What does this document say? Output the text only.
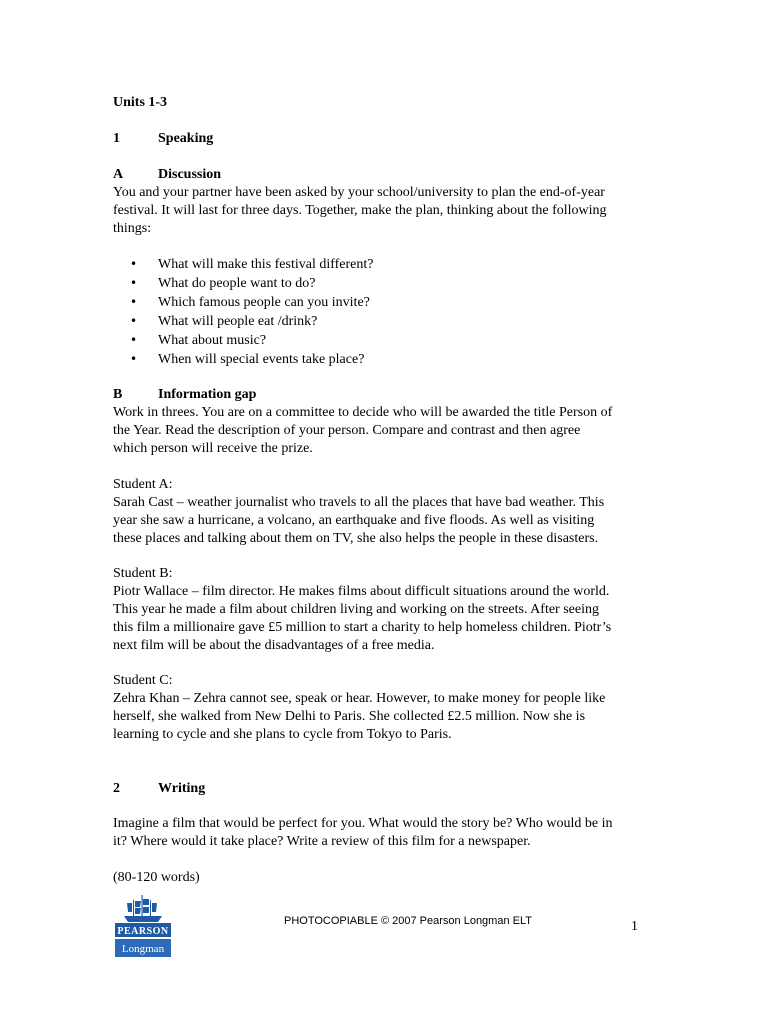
Units 1-3
1	Speaking
A Discussion
You and your partner have been asked by your school/university to plan the end-of-year
festival. It will last for three days. Together, make the plan, thinking about the following
things:
• What will make this festival different?
• What do people want to do?
• Which famous people can you invite?
• What will people eat /drink?
• What about music?
• When will special events take place?
B	Information gap
Work in threes. You are on a committee to decide who will be awarded the title Person of
the Year. Read the description of your person. Compare and contrast and then agree
which person will receive the prize.
Student A:
Sarah Cast – weather journalist who travels to all the places that have bad weather. This
year she saw a hurricane, a volcano, an earthquake and five floods. As well as visiting
these places and talking about them on TV, she also helps the people in these disasters.
Student B:
Piotr Wallace – film director. He makes films about difficult situations around the world.
This year he made a film about children living and working on the streets. After seeing
this film a millionaire gave £5 million to start a charity to help homeless children. Piotr’s
next film will be about the disadvantages of a free media.
Student C:
Zehra Khan – Zehra cannot see, speak or hear. However, to make money for people like
herself, she walked from New Delhi to Paris. She collected £2.5 million. Now she is
learning to cycle and she plans to cycle from Tokyo to Paris.
2	Writing
Imagine a film that would be perfect for you. What would the story be? Who would be in
it? Where would it take place? Write a review of this film for a newspaper.
(80-120 words)
PEARSON
Longman
PHOTOCOPIABLE © 2007 Pearson Longman ELT	1
